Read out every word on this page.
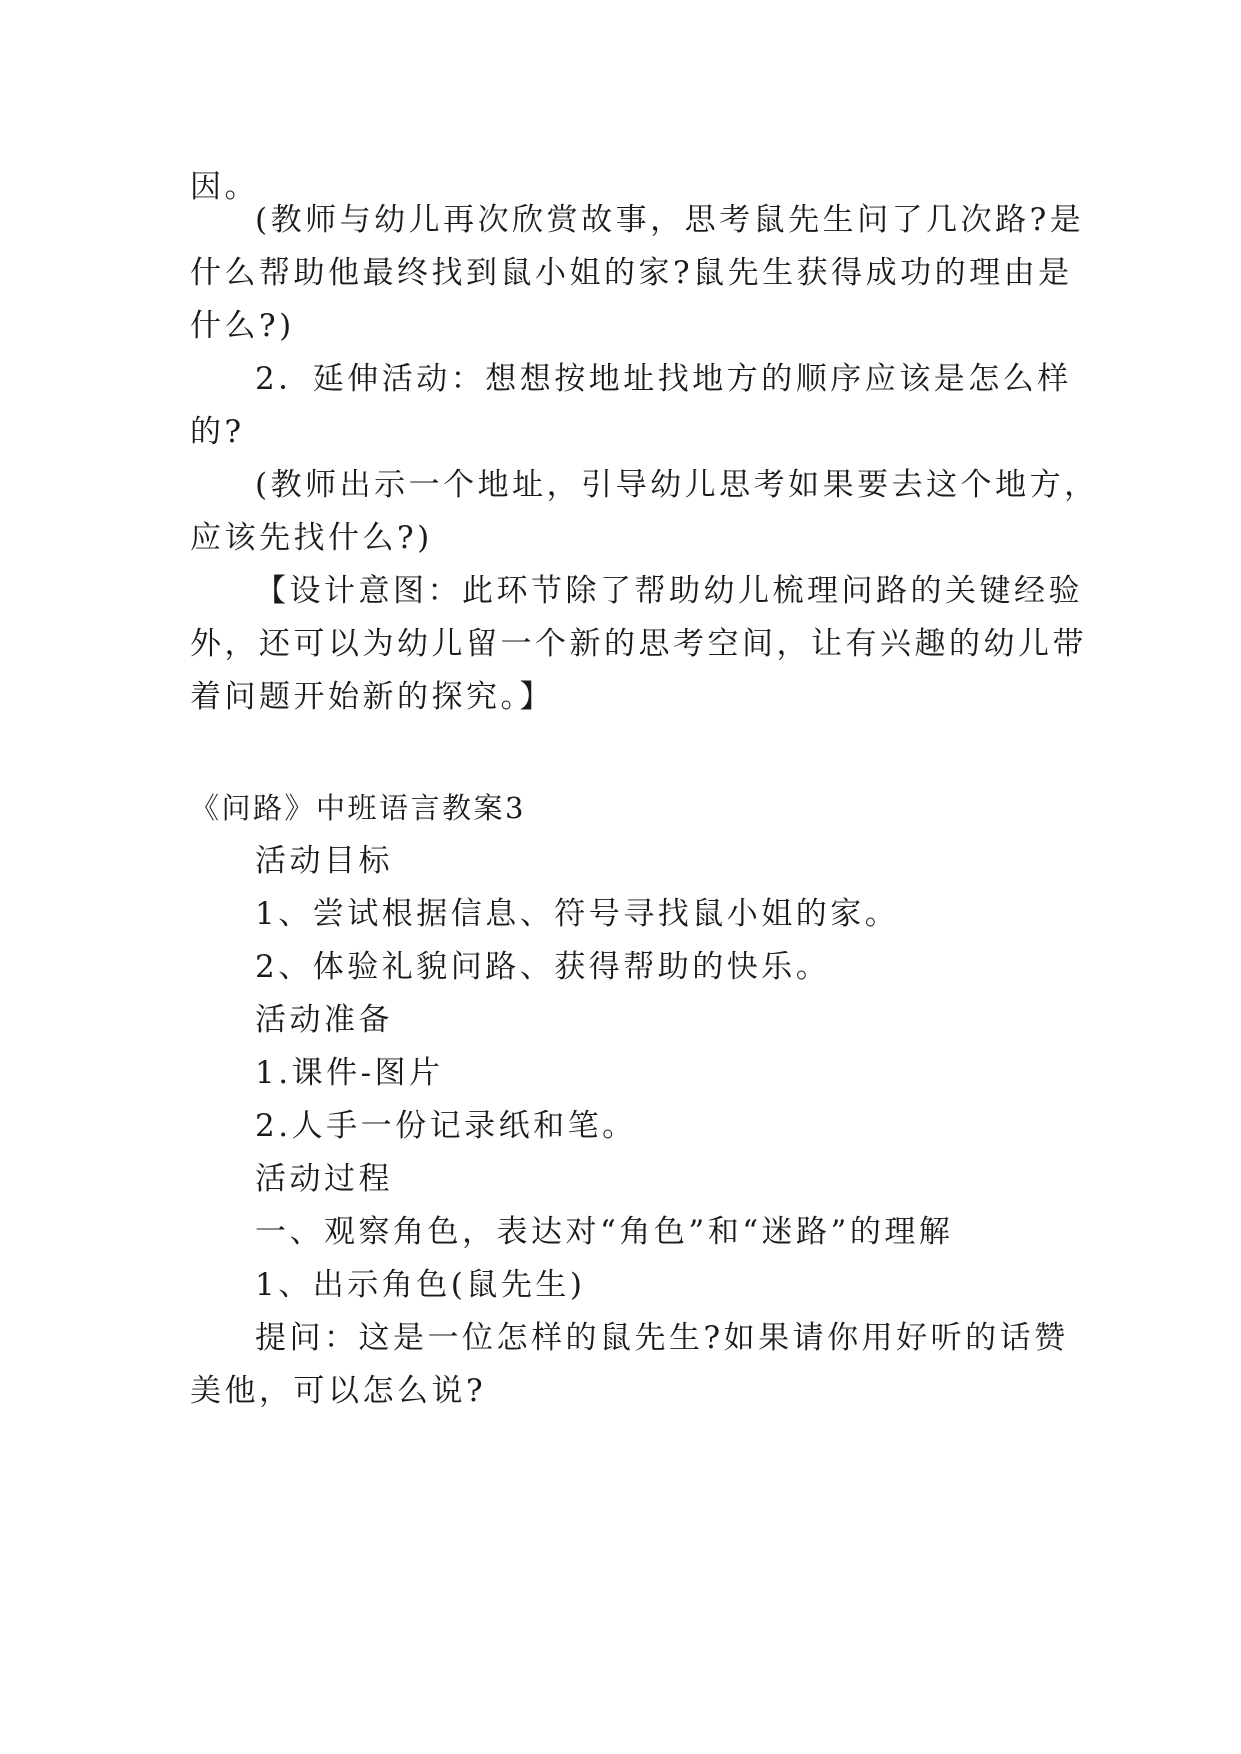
因。
(教师与幼儿再次欣赏故事，思考鼠先生问了几次路?是
什么帮助他最终找到鼠小姐的家?鼠先生获得成功的理由是
什么?)
2．延伸活动：想想按地址找地方的顺序应该是怎么样
的?
(教师出示一个地址，引导幼儿思考如果要去这个地方，
应该先找什么?)
【设计意图：此环节除了帮助幼儿梳理问路的关键经验
外，还可以为幼儿留一个新的思考空间，让有兴趣的幼儿带
着问题开始新的探究。】
《问路》中班语言教案3
活动目标
1、尝试根据信息、符号寻找鼠小姐的家。
2、体验礼貌问路、获得帮助的快乐。
活动准备
1.课件-图片
2.人手一份记录纸和笔。
活动过程
一、观察角色，表达对“角色”和“迷路”的理解
1、出示角色(鼠先生)
提问：这是一位怎样的鼠先生?如果请你用好听的话赞
美他，可以怎么说?
